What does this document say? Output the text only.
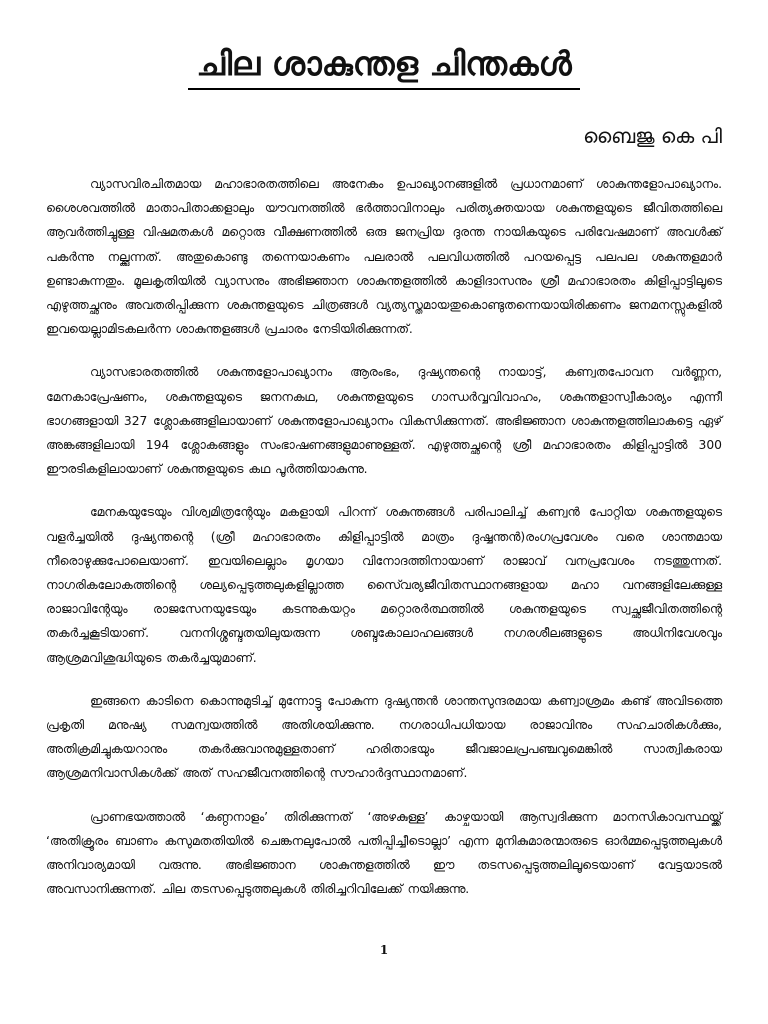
ചില ശാകുന്തള ചിന്തകള്‍
ബൈജു കെ പി

വ്യാസവിരചിതമായ മഹാഭാരതത്തിലെ അനേകം ഉപാഖ്യാനങ്ങളില്‍ പ്രധാനമാണ് ശാകുന്തളോപാഖ്യാനം. ശൈശവത്തില്‍ മാതാപിതാക്കളാലും യൗവനത്തില്‍ ഭര്‍ത്താവിനാലും പരിത്യക്തയായ ശകുന്തളയുടെ ജീവിതത്തിലെ ആവര്‍ത്തിച്ചുള്ള വിഷമതകള്‍ മറ്റൊരു വീക്ഷണത്തില്‍ ഒരു ജനപ്രിയ ദുരന്ത നായികയുടെ പരിവേഷമാണ് അവള്‍ക്ക് പകര്‍ന്നു നല്ക്കുന്നത്. അതുകൊണ്ടു തന്നെയാകണം പലരാല്‍ പലവിധത്തില്‍ പറയപ്പെട്ട പലപല ശകുന്തളമാര്‍ ഉണ്ടാകുന്നതും. മൂലകൃതിയില്‍ വ്യാസനും അഭിജ്ഞാന ശാകുന്തളത്തില്‍ കാളിദാസനും ശ്രീ മഹാഭാരതം കിളിപ്പാട്ടിലൂടെ എഴുത്തച്ഛനും അവതരിപ്പിക്കുന്ന ശകുന്തളയുടെ ചിത്രങ്ങള്‍ വ്യത്യസ്തമായതുകൊണ്ടുതന്നെയായിരിക്കണം ജനമനസ്സുകളില്‍ ഇവയെല്ലാമിടകലര്‍ന്ന ശാകുന്തളങ്ങള്‍ പ്രചാരം നേടിയിരിക്കുന്നത്.

വ്യാസഭാരതത്തില്‍ ശകുന്തളോപാഖ്യാനം ആരംഭം, ദുഷ്യന്തന്റെ നായാട്ട്, കണ്വതപോവന വര്‍ണ്ണന, മേനകാപ്രേഷണം, ശകുന്തളയുടെ ജനനകഥ, ശകുന്തളയുടെ ഗാന്ധര്‍വ്വവിവാഹം, ശകുന്തളാസ്വീകാര്യം എന്നീ ഭാഗങ്ങളായി 327 ശ്ലോകങ്ങളിലായാണ് ശകുന്തളോപാഖ്യാനം വികസിക്കുന്നത്. അഭിജ്ഞാന ശാകുന്തളത്തിലാകട്ടെ ഏഴ് അങ്കങ്ങളിലായി 194 ശ്ലോകങ്ങളും സംഭാഷണങ്ങളുമാണുള്ളത്. എഴുത്തച്ഛന്റെ ശ്രീ മഹാഭാരതം കിളിപ്പാട്ടില്‍ 300 ഈരടികളിലായാണ് ശകുന്തളയുടെ കഥ പൂര്‍ത്തിയാകുന്നു.

മേനകയുടേയും വിശ്വമിത്രന്റേയും മകളായി പിറന്ന് ശകുന്തങ്ങള്‍ പരിപാലിച്ച് കണ്വന്‍ പോറ്റിയ ശകുന്തളയുടെ വളര്‍ച്ചയില്‍ ദുഷ്യന്തന്റെ (ശ്രീ മഹാഭാരതം കിളിപ്പാട്ടില്‍ മാത്രം ദുഷ്ഷന്തന്‍)രംഗപ്രവേശം വരെ ശാന്തമായ നീരൊഴുക്കുപോലെയാണ്. ഇവയിലെല്ലാം മൃഗയാ വിനോദത്തിനായാണ് രാജാവ് വനപ്രവേശം നടത്തുന്നത്. നാഗരികലോകത്തിന്റെ ശല്യപ്പെടുത്തലുകളില്ലാത്ത സൈ്വര്യജീവിതസ്ഥാനങ്ങളായ മഹാ വനങ്ങളിലേക്കുള്ള രാജാവിന്റേയും രാജസേനയുടേയും കടന്നുകയറ്റം മറ്റൊരര്‍ത്ഥത്തില്‍ ശകുന്തളയുടെ സ്വച്ഛജീവിതത്തിന്റെ തകര്‍ച്ചകൂടിയാണ്. വനനിശ്ശബ്ദതയിലുയരുന്ന ശബ്ദകോലാഹലങ്ങള്‍ നഗരശീലങ്ങളുടെ അധിനിവേശവും ആശ്രമവിശുദ്ധിയുടെ തകര്‍ച്ചയുമാണ്.

ഇങ്ങനെ കാടിനെ കൊന്നുമുടിച്ച് മുന്നോട്ടു പോകുന്ന ദുഷ്യന്തന്‍ ശാന്തസുന്ദരമായ കണ്വാശ്രമം കണ്ട് അവിടത്തെ പ്രകൃതി മനുഷ്യ സമന്വയത്തില്‍ അതിശയിക്കുന്നു. നഗരാധിപധിയായ രാജാവിനും സഹചാരികള്‍ക്കും, അതിക്രമിച്ചുകയറാനും തകര്‍ക്കുവാനുമുള്ളതാണ് ഹരിതാഭയും ജീവജാലപ്രപഞ്ചവുമെങ്കില്‍ സാത്വികരായ ആശ്രമനിവാസികള്‍ക്ക് അത് സഹജീവനത്തിന്റെ സൗഹാര്‍ദ്ദസ്ഥാനമാണ്.

പ്രാണഭയത്താല്‍ ‘കണ്ഠനാളം’ തിരിക്കുന്നത് ‘അഴകുള്ള’ കാഴ്ചയായി ആസ്വദിക്കുന്ന മാനസികാവസ്ഥയ്ക്ക് ‘അതിക്രൂരം ബാണം കസുമതതിയില്‍ ചെങ്കനലുപോല്‍ പതിപ്പിച്ചീടൊല്ലാ’ എന്ന മുനികുമാരന്മാരുടെ ഓര്‍മ്മപ്പെടുത്തലുകള്‍ അനിവാര്യമായി വരുന്നു. അഭിജ്ഞാന ശാകുന്തളത്തില്‍ ഈ തടസപ്പെടുത്തലിലൂടെയാണ് വേട്ടയാടല്‍ അവസാനിക്കുന്നത്. ചില തടസപ്പെടുത്തലുകള്‍ തിരിച്ചറിവിലേക്ക് നയിക്കുന്നു.

1
